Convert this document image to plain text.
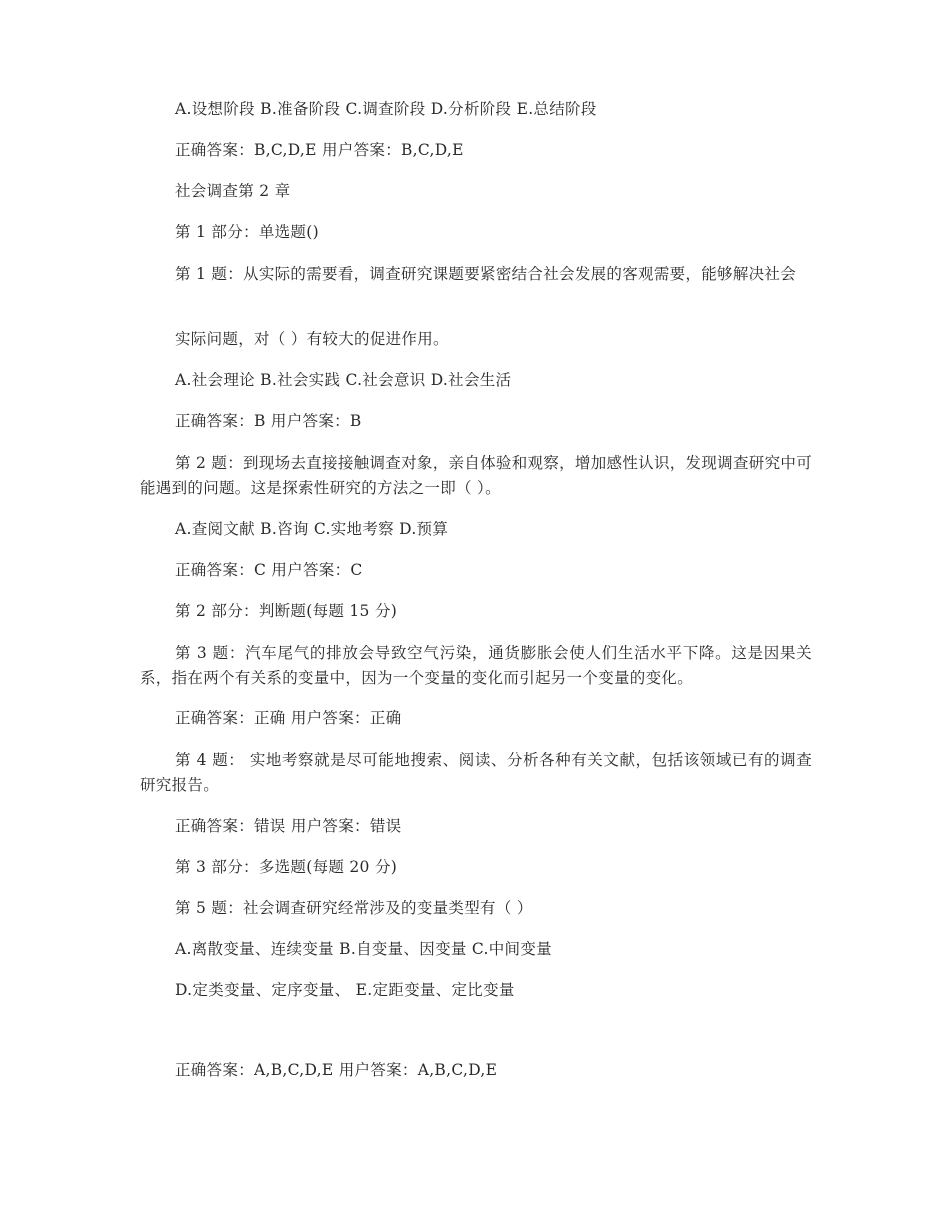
A.设想阶段 B.准备阶段 C.调查阶段 D.分析阶段 E.总结阶段
正确答案：B,C,D,E 用户答案：B,C,D,E
社会调查第 2 章
第 1 部分：单选题()
第 1 题：从实际的需要看，调查研究课题要紧密结合社会发展的客观需要，能够解决社会
实际问题，对（ ）有较大的促进作用。
A.社会理论 B.社会实践 C.社会意识 D.社会生活
正确答案：B 用户答案：B
第 2 题：到现场去直接接触调查对象，亲自体验和观察，增加感性认识，发现调查研究中可能遇到的问题。这是探索性研究的方法之一即（ ）。
A.查阅文献 B.咨询 C.实地考察 D.预算
正确答案：C 用户答案：C
第 2 部分：判断题(每题 15 分)
第 3 题：汽车尾气的排放会导致空气污染，通货膨胀会使人们生活水平下降。这是因果关系，指在两个有关系的变量中，因为一个变量的变化而引起另一个变量的变化。
正确答案：正确 用户答案：正确
第 4 题： 实地考察就是尽可能地搜索、阅读、分析各种有关文献，包括该领域已有的调查研究报告。
正确答案：错误 用户答案：错误
第 3 部分：多选题(每题 20 分)
第 5 题：社会调查研究经常涉及的变量类型有（ ）
A.离散变量、连续变量 B.自变量、因变量 C.中间变量
D.定类变量、定序变量、 E.定距变量、定比变量
正确答案：A,B,C,D,E 用户答案：A,B,C,D,E
